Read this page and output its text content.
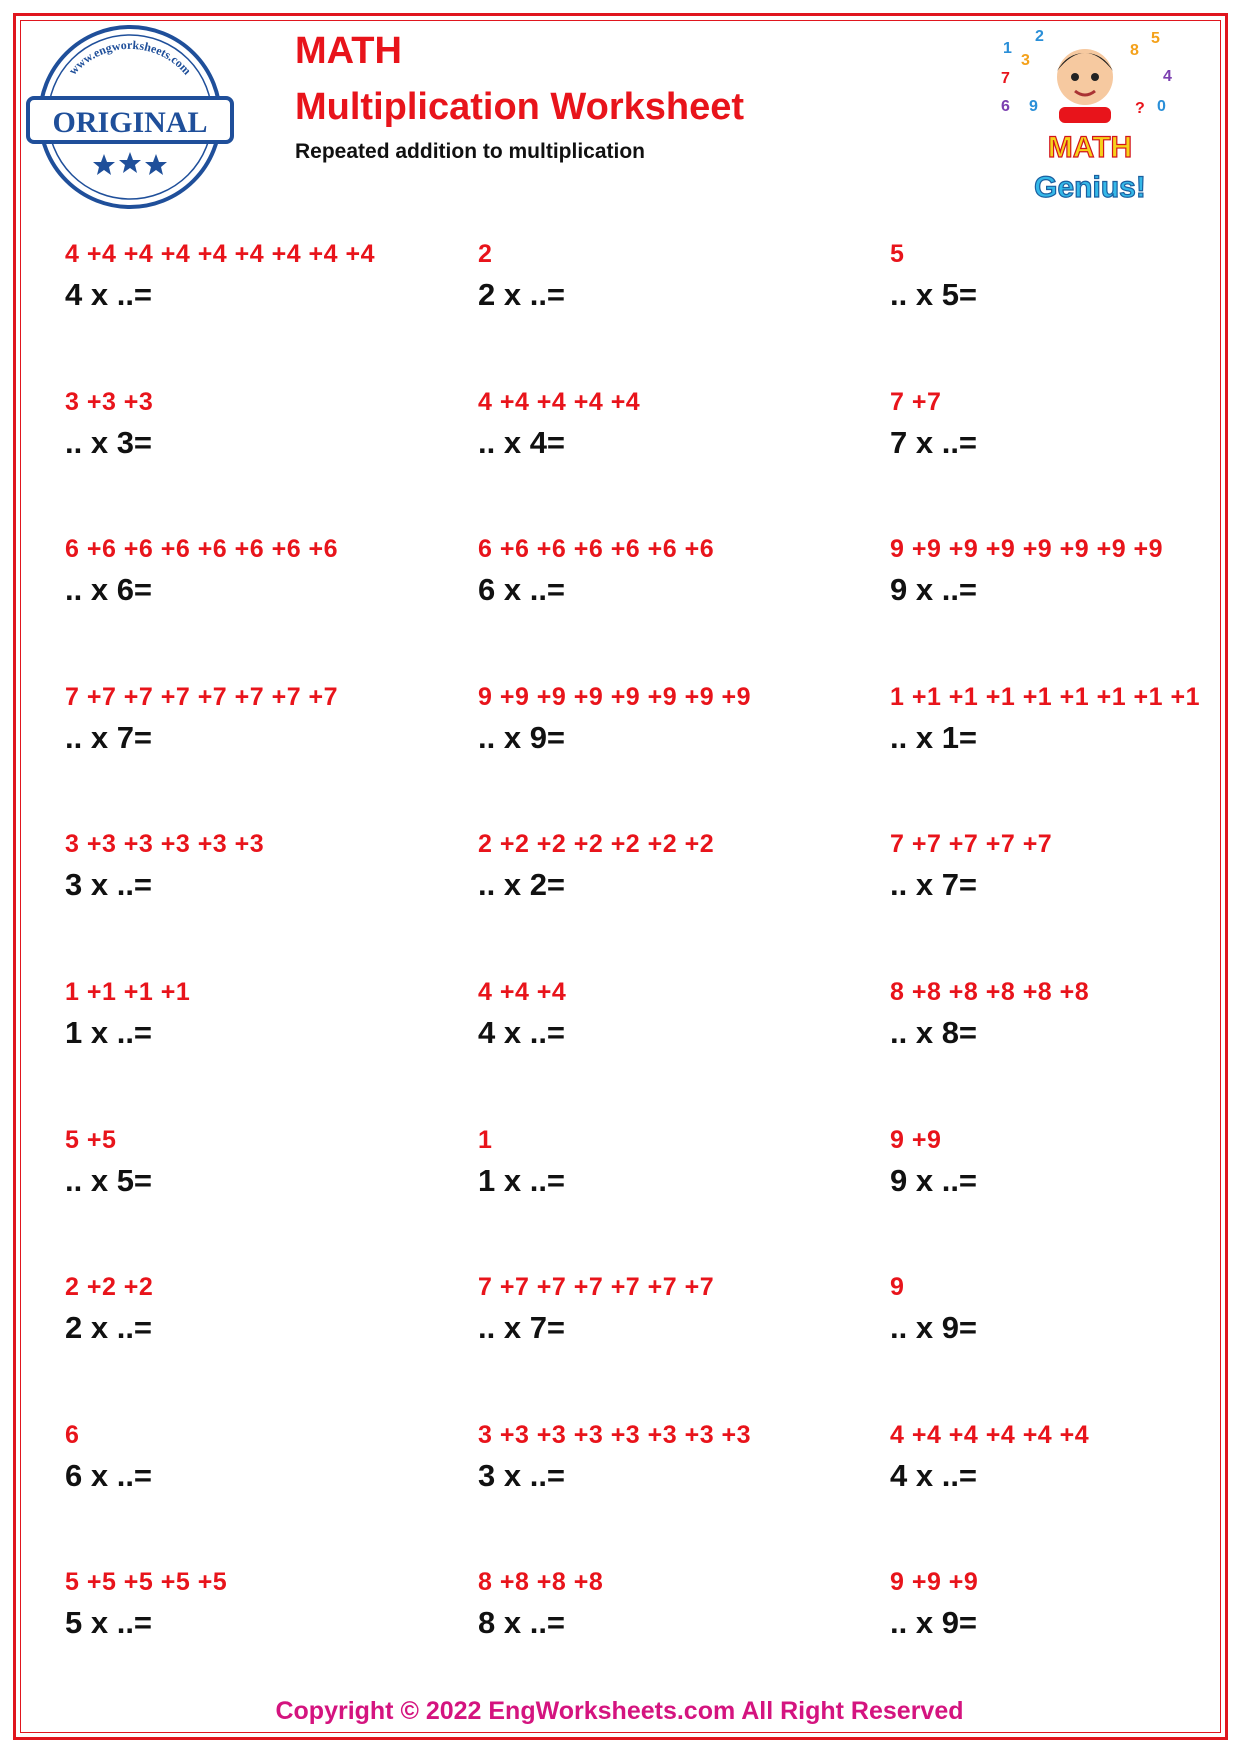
www.engworksheets.com
ORIGINAL
MATH
Multiplication Worksheet
Repeated addition to multiplication
1
3
2
7
6 9
8
5
4
? 0
MATH
Genius!
4 +4 +4 +4 +4 +4 +4 +4 +4
4 x ..=
2
2 x ..=
5
.. x 5=
3 +3 +3
.. x 3=
4 +4 +4 +4 +4
.. x 4=
7 +7
7 x ..=
6 +6 +6 +6 +6 +6 +6 +6
.. x 6=
6 +6 +6 +6 +6 +6 +6
6 x ..=
9 +9 +9 +9 +9 +9 +9 +9
9 x ..=
7 +7 +7 +7 +7 +7 +7 +7
.. x 7=
9 +9 +9 +9 +9 +9 +9 +9
.. x 9=
1 +1 +1 +1 +1 +1 +1 +1 +1
.. x 1=
3 +3 +3 +3 +3 +3
3 x ..=
2 +2 +2 +2 +2 +2 +2
.. x 2=
7 +7 +7 +7 +7
.. x 7=
1 +1 +1 +1
1 x ..=
4 +4 +4
4 x ..=
8 +8 +8 +8 +8 +8
.. x 8=
5 +5
.. x 5=
1
1 x ..=
9 +9
9 x ..=
2 +2 +2
2 x ..=
7 +7 +7 +7 +7 +7 +7
.. x 7=
9
.. x 9=
6
6 x ..=
3 +3 +3 +3 +3 +3 +3 +3
3 x ..=
4 +4 +4 +4 +4 +4
4 x ..=
5 +5 +5 +5 +5
5 x ..=
8 +8 +8 +8
8 x ..=
9 +9 +9
.. x 9=
Copyright © 2022 EngWorksheets.com All Right Reserved
